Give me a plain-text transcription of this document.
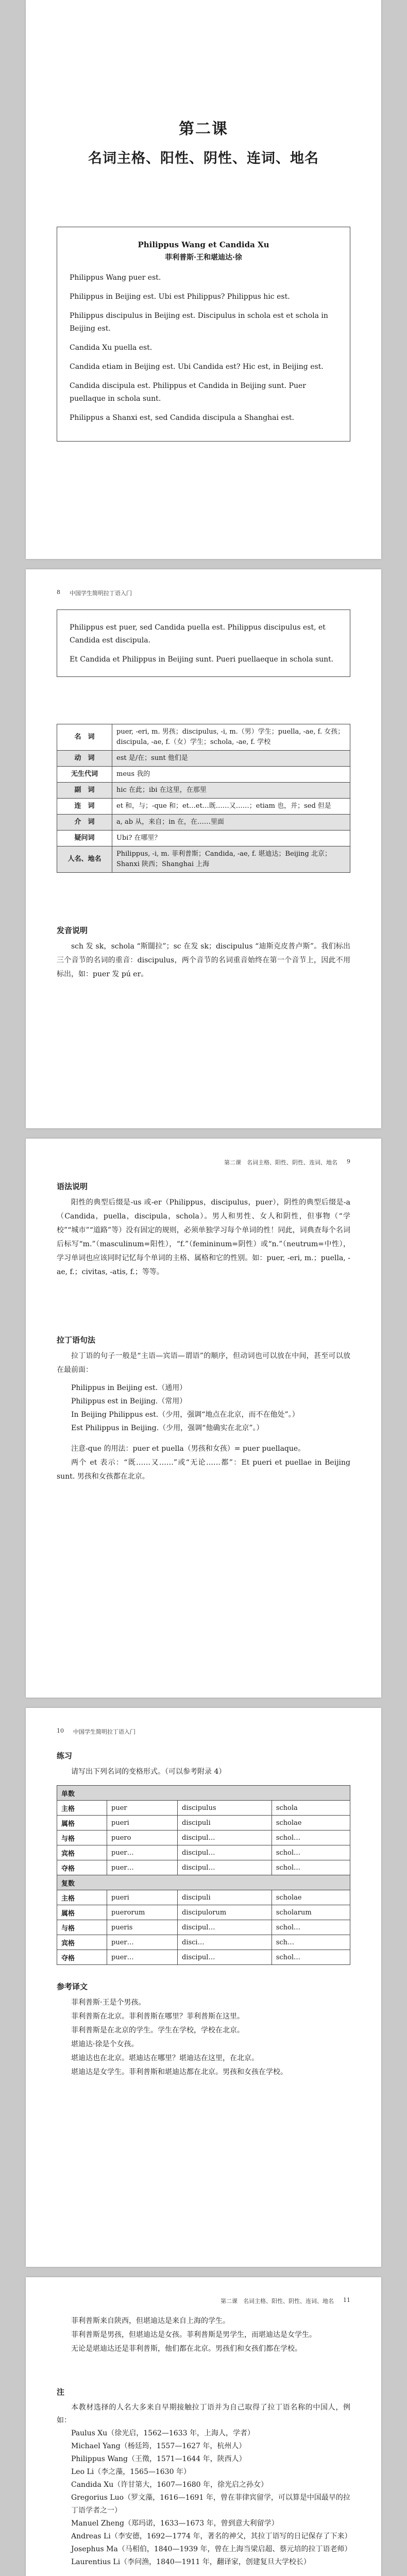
第二课
名词主格、阳性、阴性、连词、地名
Philippus Wang et Candida Xu
菲利普斯·王和堪迪达·徐

Philippus Wang puer est.

Philippus in Beijing est. Ubi est Philippus? Philippus hic est.

Philippus discipulus in Beijing est. Discipulus in schola est et schola in Beijing est.

Candida Xu puella est.

Candida etiam in Beijing est. Ubi Candida est? Hic est, in Beijing est.

Candida discipula est. Philippus et Candida in Beijing sunt. Puer puellaque in schola sunt.

Philippus a Shanxi est, sed Candida discipula a Shanghai est.

8 中国学生简明拉丁语入门

Philippus est puer, sed Candida puella est. Philippus discipulus est, et Candida est discipula.

Et Candida et Philippus in Beijing sunt. Pueri puellaeque in schola sunt.

名　词	puer, -eri, m. 男孩；discipulus, -i, m.（男）学生；puella, -ae, f. 女孩；discipula, -ae, f.（女）学生；schola, -ae, f. 学校
动　词	est 是/在；sunt 他们是
无生代词	meus 我的
副　词	hic 在此；ibi 在这里，在那里
连　词	et 和，与；-que 和；et…et…既……又……；etiam 也，并；sed 但是
介　词	a, ab 从，来自；in 在，在……里面
疑问词	Ubi? 在哪里？
人名、地名	Philippus, -i, m. 菲利普斯；Candida, -ae, f. 堪迪达；Beijing 北京；Shanxi 陕西；Shanghai 上海
发音说明

sch 发 sk，schola “斯闊拉”；sc 在发 sk；discipulus “迪斯克皮普卢斯”。我们标出三个音节的名词的重音：discipulus，两个音节的名词重音始终在第一个音节上，因此不用标出，如：puer 发 pú er。

第二课　名词主格、阳性、阴性、连词、地名 9
语法说明

阳性的典型后缀是-us 或-er（Philippus，discipulus，puer），阴性的典型后缀是-a（Candida，puella，discipula，schola）。男人和男性、女人和阴性，但事物（“学校”“城市”“道路”等）没有固定的规则，必须单独学习每个单词的性！同此，词典查每个名词后标写“m.”（masculinum=阳性），“f.”（femininum=阴性）或“n.”（neutrum=中性），学习单词也应该同时记忆每个单词的主格、属格和它的性别。如：puer, -eri, m.；puella, -ae, f.；civitas, -atis, f.；等等。

拉丁语句法

拉丁语的句子一般是“主语—宾语—谓语”的顺序，但动词也可以放在中间，甚至可以放在最前面：

Philippus in Beijing est.（通用）

Philippus est in Beijing.（常用）

In Beijing Philippus est.（少用，强调“地点在北京，而不在他处”。）

Est Philippus in Beijing.（少用，强调“他确实在北京”。）

注意-que 的用法：puer et puella（男孩和女孩）= puer puellaque。

两个 et 表示：“既……又……”或“无论……都”：Et pueri et puellae in Beijing sunt. 男孩和女孩都在北京。

10 中国学生简明拉丁语入门
练习

请写出下列名词的变格形式。（可以参考附录 4）

单数			
主格	puer	discipulus	schola
属格	pueri	discipuli	scholae
与格	puero	discipul…	schol…
宾格	puer…	discipul…	schol…
夺格	puer…	discipul…	schol…
复数			
主格	pueri	discipuli	scholae
属格	puerorum	discipulorum	scholarum
与格	pueris	discipul…	schol…
宾格	puer…	disci…	sch…
夺格	puer…	discipul…	schol…
参考译文

菲利普斯·王是个男孩。

菲利普斯在北京。菲利普斯在哪里？菲利普斯在这里。

菲利普斯是在北京的学生。学生在学校，学校在北京。

堪迪达·徐是个女孩。

堪迪达也在北京。堪迪达在哪里？堪迪达在这里，在北京。

堪迪达是女学生。菲利普斯和堪迪达都在北京。男孩和女孩在学校。

第二课　名词主格、阳性、阴性、连词、地名 11

菲利普斯来自陕西，但堪迪达是来自上海的学生。

菲利普斯是男孩，但堪迪达是女孩。菲利普斯是男学生，而堪迪达是女学生。

无论是堪迪达还是菲利普斯，他们都在北京。男孩们和女孩们都在学校。

注

本教材选择的人名大多来自早期接触拉丁语并为自己取得了拉丁语名称的中国人，例如：

Paulus Xu（徐光启，1562—1633 年，上海人，学者）

Michael Yang（杨廷筠，1557—1627 年，杭州人）

Philippus Wang（王徵，1571—1644 年，陕西人）

Leo Li（李之藻，1565—1630 年）

Candida Xu（许甘第大，1607—1680 年，徐光启之孙女）

Gregorius Luo（罗文藻，1616—1691 年，曾在菲律宾留学，可以算是中国最早的拉丁语学者之一）

Manuel Zheng（郑玛诺，1633—1673 年，曾到意大利留学）

Andreas Li（李安德，1692—1774 年，著名的神父，其拉丁语写的日记保存了下来）

Josephus Ma（马相伯，1840—1939 年，曾在上海当梁启超、蔡元培的拉丁语老师）

Laurentius Li（李问渔，1840—1911 年，翻译家，创建复旦大学校长）
